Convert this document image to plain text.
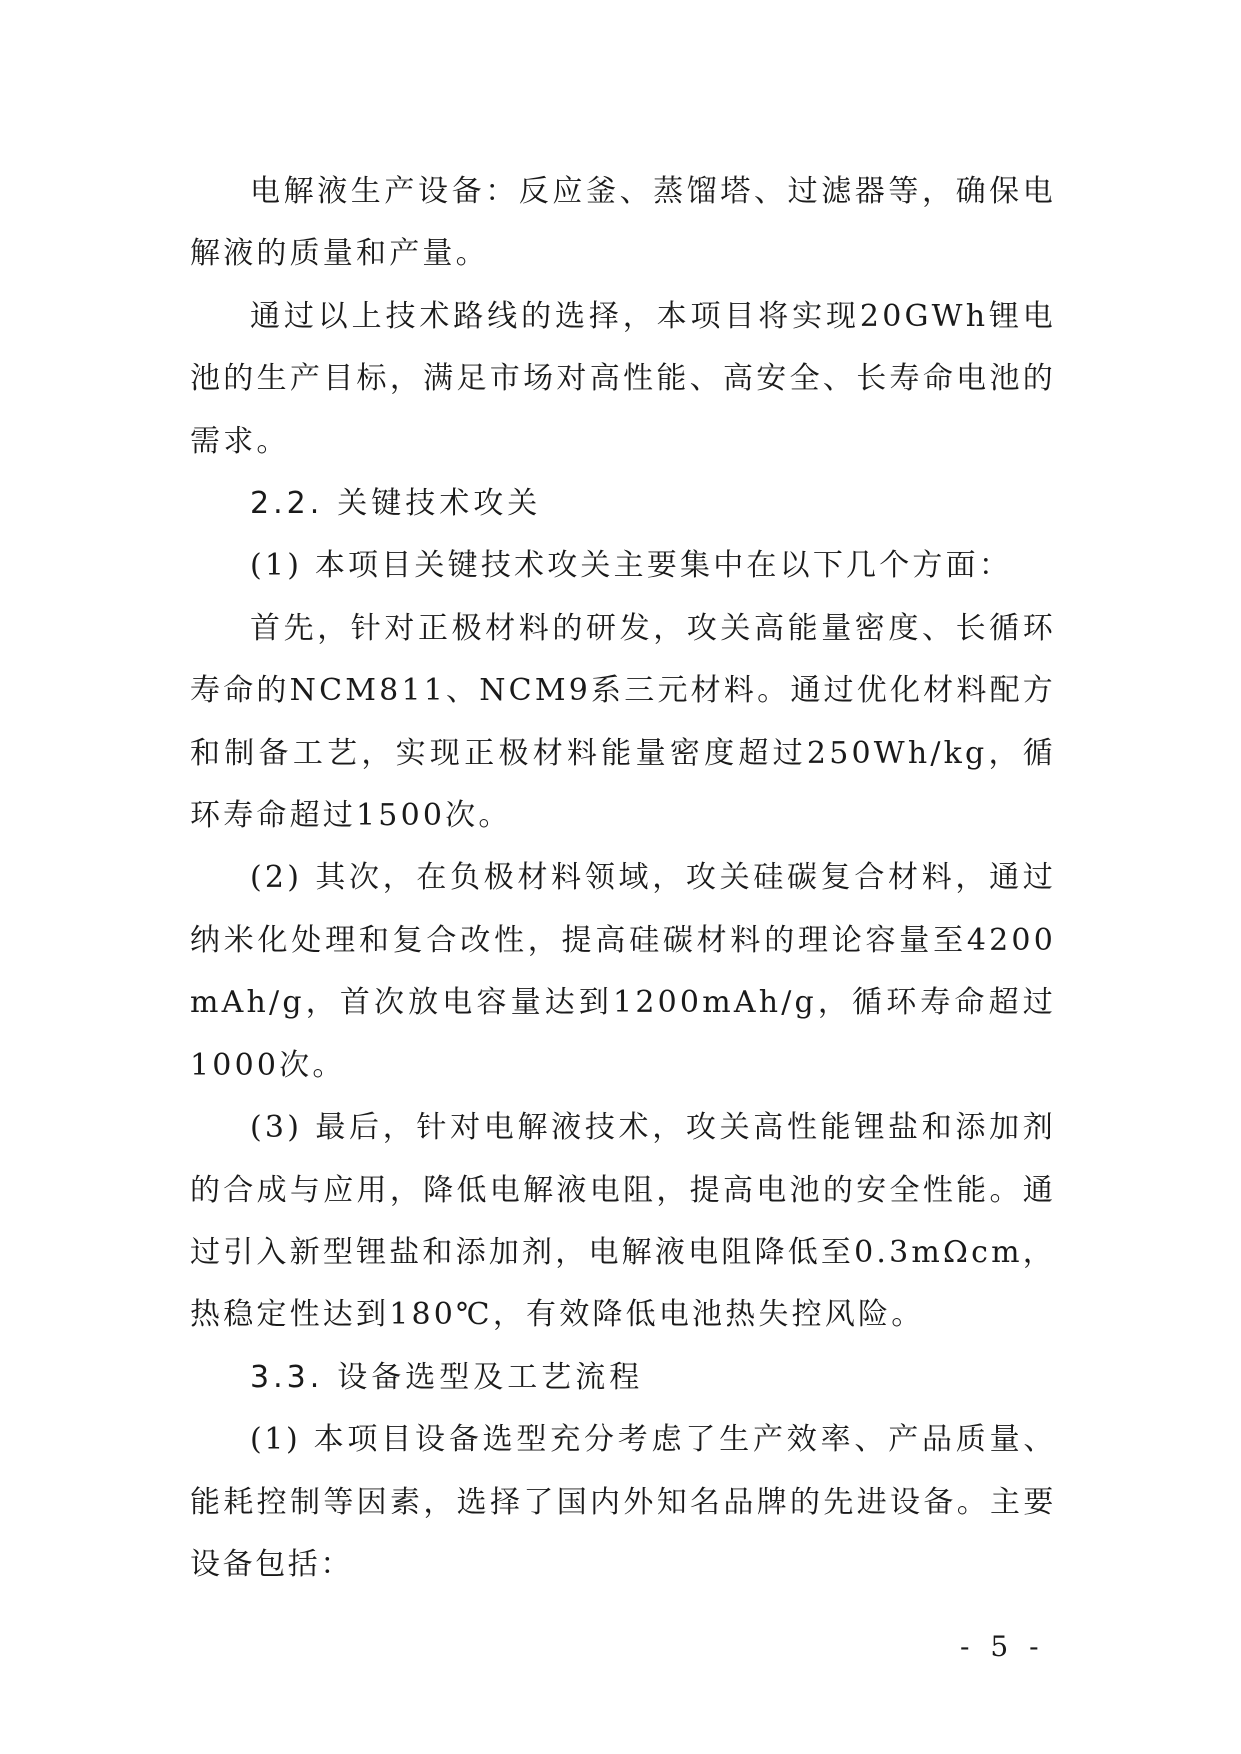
电解液生产设备：反应釜、蒸馏塔、过滤器等，确保电解液的质量和产量。

通过以上技术路线的选择，本项目将实现20GWh锂电池的生产目标，满足市场对高性能、高安全、长寿命电池的需求。

2.2. 关键技术攻关

(1) 本项目关键技术攻关主要集中在以下几个方面：

首先，针对正极材料的研发，攻关高能量密度、长循环寿命的NCM811、NCM9系三元材料。通过优化材料配方和制备工艺，实现正极材料能量密度超过250Wh/kg，循环寿命超过1500次。

(2) 其次，在负极材料领域，攻关硅碳复合材料，通过纳米化处理和复合改性，提高硅碳材料的理论容量至4200mAh/g，首次放电容量达到1200mAh/g，循环寿命超过1000次。

(3) 最后，针对电解液技术，攻关高性能锂盐和添加剂的合成与应用，降低电解液电阻，提高电池的安全性能。通过引入新型锂盐和添加剂，电解液电阻降低至0.3mΩcm，热稳定性达到180℃，有效降低电池热失控风险。

3.3. 设备选型及工艺流程

(1) 本项目设备选型充分考虑了生产效率、产品质量、能耗控制等因素，选择了国内外知名品牌的先进设备。主要设备包括：

- 5 -
